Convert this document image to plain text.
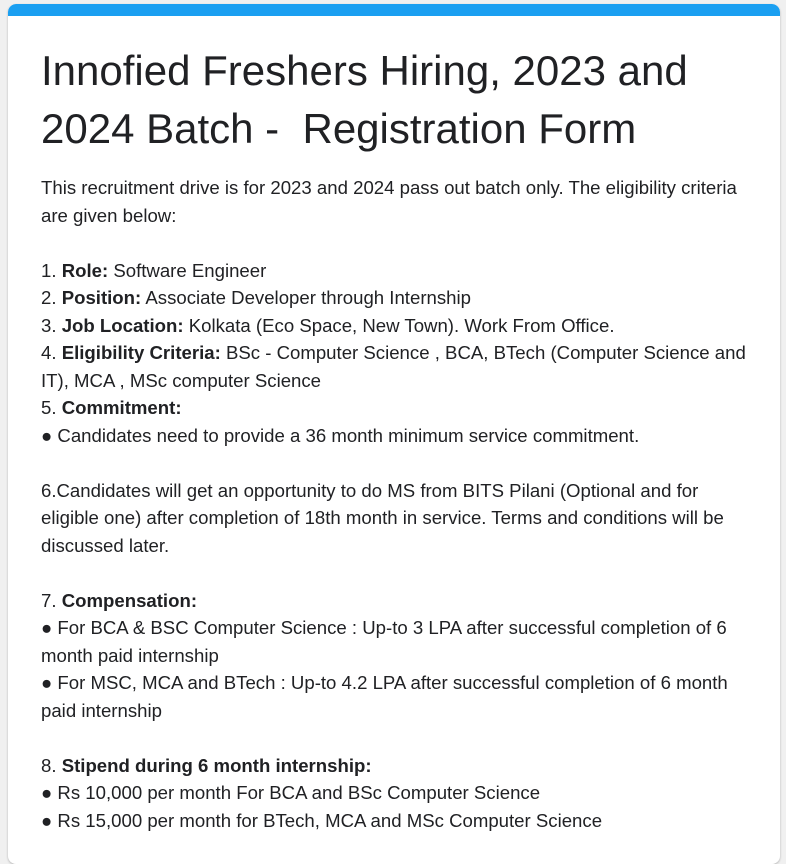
Innofied Freshers Hiring, 2023 and 2024 Batch -  Registration Form
This recruitment drive is for 2023 and 2024 pass out batch only. The eligibility criteria are given below:
1. Role: Software Engineer
2. Position: Associate Developer through Internship
3. Job Location: Kolkata (Eco Space, New Town). Work From Office.
4. Eligibility Criteria: BSc - Computer Science , BCA, BTech (Computer Science and IT), MCA , MSc computer Science
5. Commitment:
● Candidates need to provide a 36 month minimum service commitment.
6.Candidates will get an opportunity to do MS from BITS Pilani (Optional and for eligible one) after completion of 18th month in service. Terms and conditions will be discussed later.
7. Compensation:
● For BCA & BSC Computer Science : Up-to 3 LPA after successful completion of 6 month paid internship
● For MSC, MCA and BTech : Up-to 4.2 LPA after successful completion of 6 month paid internship
8. Stipend during 6 month internship:
● Rs 10,000 per month For BCA and BSc Computer Science
● Rs 15,000 per month for BTech, MCA and MSc Computer Science
